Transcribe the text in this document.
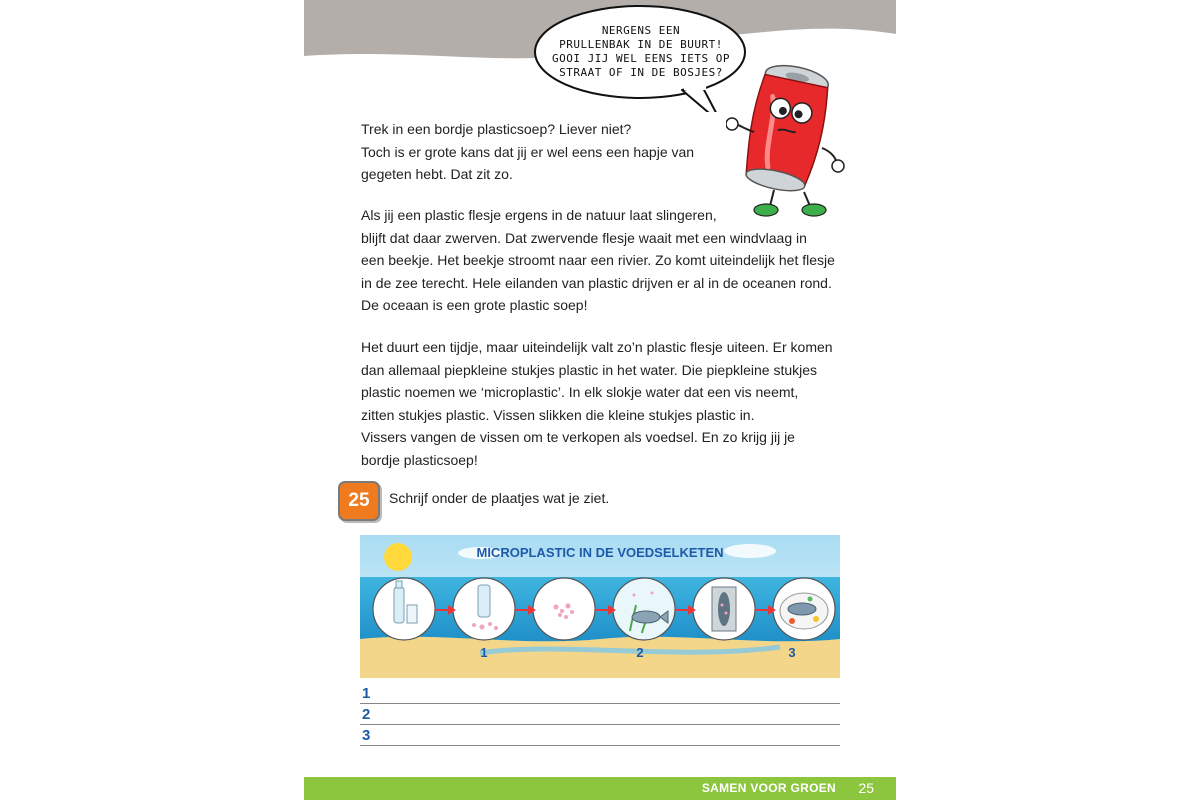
NERGENS EEN
PRULLENBAK IN DE BUURT!
GOOI JIJ WEL EENS IETS OP
STRAAT OF IN DE BOSJES?

Trek in een bordje plasticsoep? Liever niet?
Toch is er grote kans dat jij er wel eens een hapje van
gegeten hebt. Dat zit zo.

Als jij een plastic flesje ergens in de natuur laat slingeren,
blijft dat daar zwerven. Dat zwervende flesje waait met een windvlaag in
een beekje. Het beekje stroomt naar een rivier. Zo komt uiteindelijk het flesje
in de zee terecht. Hele eilanden van plastic drijven er al in de oceanen rond.
De oceaan is een grote plastic soep!

Het duurt een tijdje, maar uiteindelijk valt zo’n plastic flesje uiteen. Er komen
dan allemaal piepkleine stukjes plastic in het water. Die piepkleine stukjes
plastic noemen we ‘microplastic’. In elk slokje water dat een vis neemt,
zitten stukjes plastic. Vissen slikken die kleine stukjes plastic in.
Vissers vangen de vissen om te verkopen als voedsel. En zo krijg jij je
bordje plasticsoep!

25	Schrijf onder de plaatjes wat je ziet.
MICROPLASTIC IN DE VOEDSELKETEN
1	2	3
1
2
3
SAMEN VOOR GROEN 25
